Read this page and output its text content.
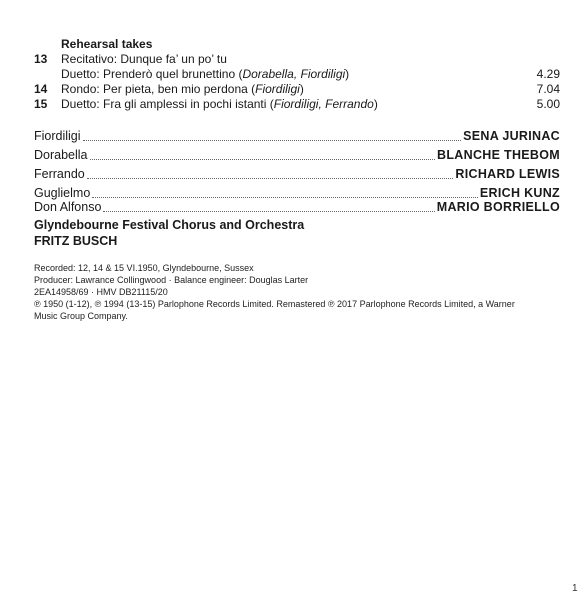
Rehearsal takes
13	Recitativo: Dunque fa’ un po’ tu
Duetto: Prenderò quel brunettino (Dorabella, Fiordiligi)	4.29
14	Rondo: Per pieta, ben mio perdona (Fiordiligi)	7.04
15	Duetto: Fra gli amplessi in pochi istanti (Fiordiligi, Ferrando)	5.00
Fiordiligi	SENA JURINAC
Dorabella	BLANCHE THEBOM
Ferrando	RICHARD LEWIS
Guglielmo	ERICH KUNZ
Don Alfonso	MARIO BORRIELLO
Glyndebourne Festival Chorus and Orchestra
FRITZ BUSCH
Recorded: 12, 14 & 15 VI.1950, Glyndebourne, Sussex
Producer: Lawrance Collingwood · Balance engineer: Douglas Larter
2EA14958/69 · HMV DB21115/20
℗ 1950 (1-12), ℗ 1994 (13-15) Parlophone Records Limited. Remastered ℗ 2017 Parlophone Records Limited, a Warner
Music Group Company.
1
